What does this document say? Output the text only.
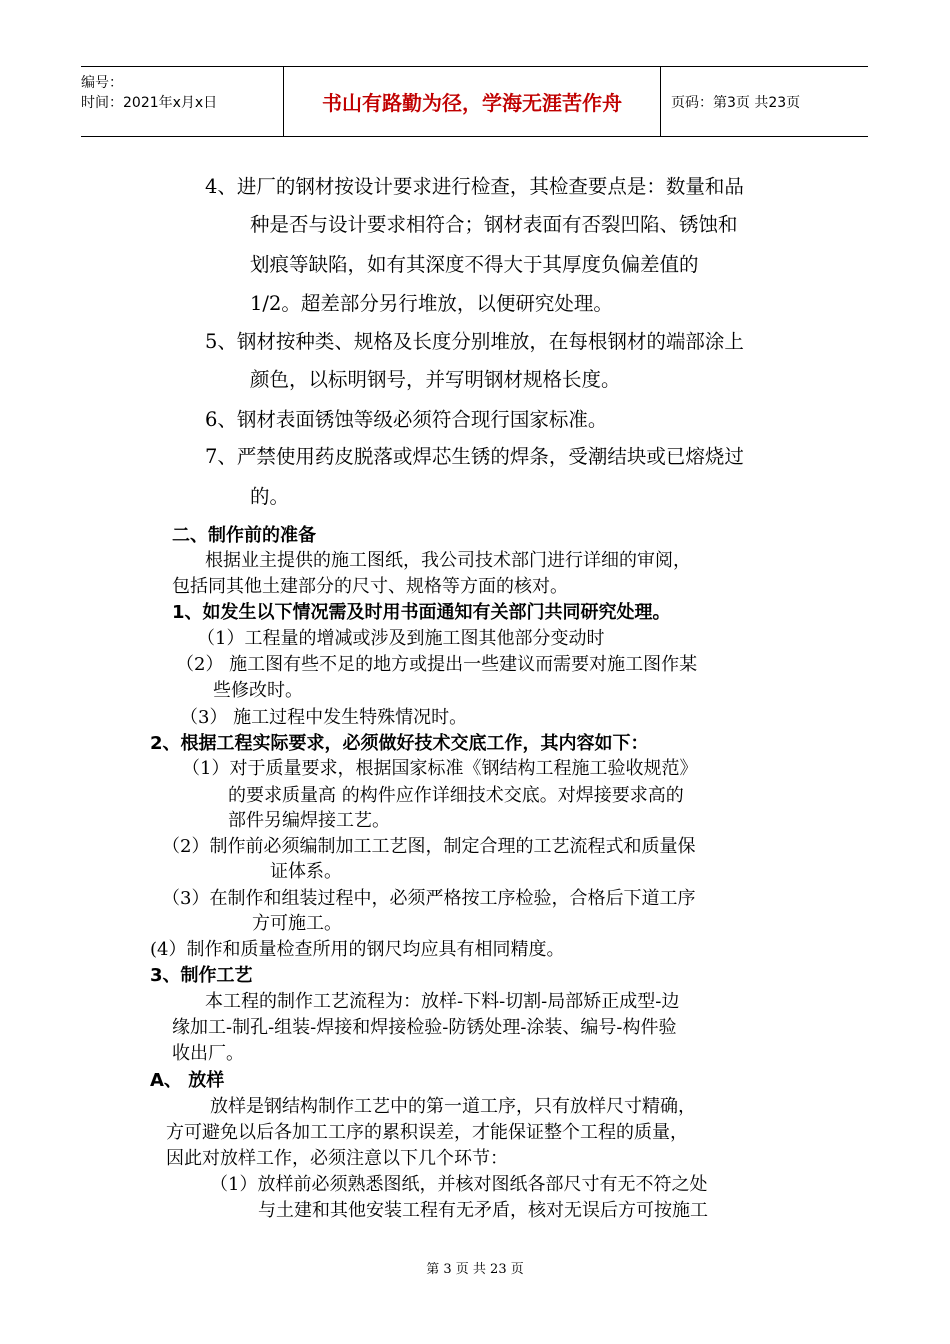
编号：
时间：2021年x月x日	书山有路勤为径，学海无涯苦作舟	页码：第3页 共23页
4、进厂的钢材按设计要求进行检查，其检查要点是：数量和品
种是否与设计要求相符合；钢材表面有否裂凹陷、锈蚀和
划痕等缺陷，如有其深度不得大于其厚度负偏差值的
1/2。超差部分另行堆放，以便研究处理。
5、钢材按种类、规格及长度分别堆放，在每根钢材的端部涂上
颜色，以标明钢号，并写明钢材规格长度。
6、钢材表面锈蚀等级必须符合现行国家标准。
7、严禁使用药皮脱落或焊芯生锈的焊条，受潮结块或已熔烧过
的。
二、制作前的准备
根据业主提供的施工图纸，我公司技术部门进行详细的审阅，
包括同其他土建部分的尺寸、规格等方面的核对。
1、如发生以下情况需及时用书面通知有关部门共同研究处理。
（1）工程量的增减或涉及到施工图其他部分变动时
（2） 施工图有些不足的地方或提出一些建议而需要对施工图作某
些修改时。
（3） 施工过程中发生特殊情况时。
2、根据工程实际要求，必须做好技术交底工作，其内容如下：
（1）对于质量要求，根据国家标准《钢结构工程施工验收规范》
的要求质量高 的构件应作详细技术交底。对焊接要求高的
部件另编焊接工艺。
（2）制作前必须编制加工工艺图，制定合理的工艺流程式和质量保
证体系。
（3）在制作和组装过程中，必须严格按工序检验，合格后下道工序
方可施工。
(4）制作和质量检查所用的钢尺均应具有相同精度。
3、制作工艺
本工程的制作工艺流程为：放样-下料-切割-局部矫正成型-边
缘加工-制孔-组装-焊接和焊接检验-防锈处理-涂装、编号-构件验
收出厂。
A、 放样
放样是钢结构制作工艺中的第一道工序，只有放样尺寸精确，
方可避免以后各加工工序的累积误差，才能保证整个工程的质量，
因此对放样工作，必须注意以下几个环节：
（1）放样前必须熟悉图纸，并核对图纸各部尺寸有无不符之处
与土建和其他安装工程有无矛盾，核对无误后方可按施工
第 3 页 共 23 页
